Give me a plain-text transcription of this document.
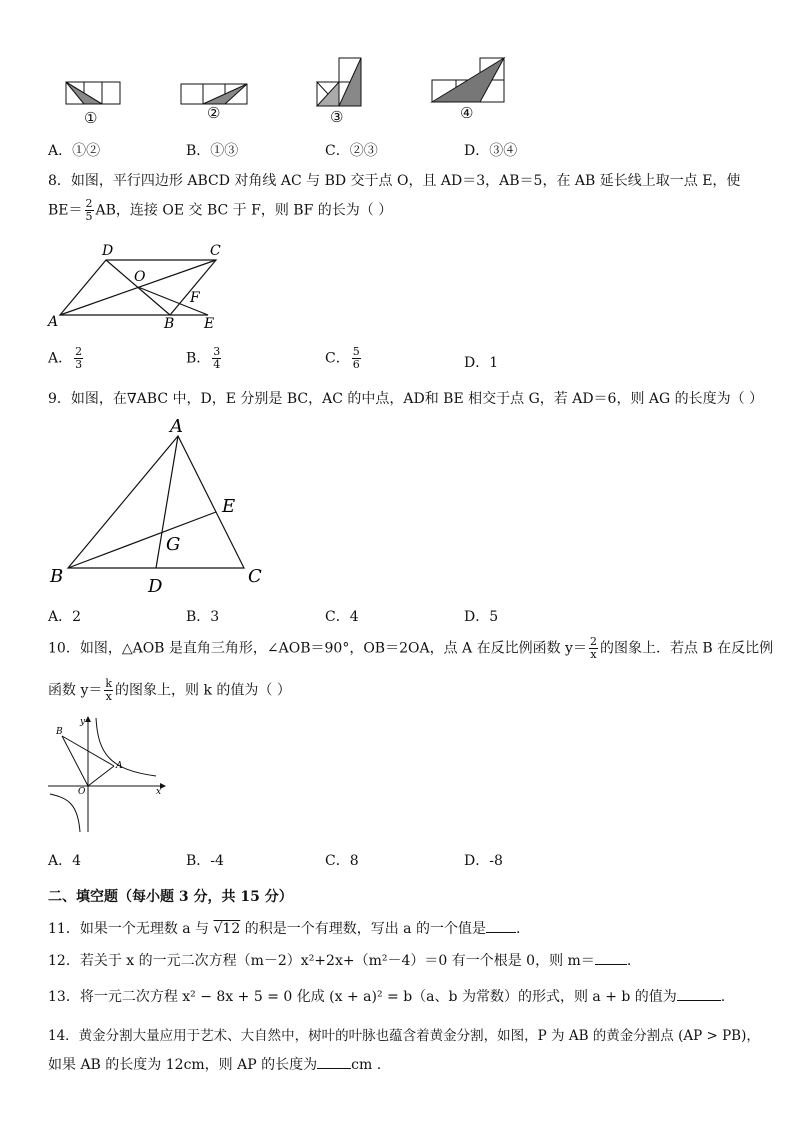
①	②	③	④
A．①②	B．①③	C．②③	D．③④
8．如图，平行四边形 ABCD 对角线 AC 与 BD 交于点 O，且 AD＝3，AB＝5，在 AB 延长线上取一点 E，使
$BE= \frac{2}{5}$ AB，连接 OE 交 BC 于 F，则 BF 的长为（ ）
D	C
O
F
A	B E
A． $\frac{2}{3}$	B． $\frac{3}{4}$	C． $\frac{5}{6}$	D．1
9．如图，在∇ABC 中，D，E 分别是 BC，AC 的中点，AD和 BE 相交于点 G，若 AD＝6，则 AG 的长度为（ ）
A
B	C
D
E
G
A．2	B．3	C．4	D．5
10．如图，△AOB 是直角三角形，∠AOB＝90°，OB＝2OA，点 A 在反比例函数 $y= \frac{2}{x}$ 的图象上．若点 B 在反比例
函数 $y= \frac{k}{x}$ 的图象上，则 k 的值为（ ）
B
A
O	x
y
A．4	B．-4	C．8	D．-8
二、填空题（每小题 3 分，共 15 分）
11．如果一个无理数 a 与 √12 的积是一个有理数，写出 a 的一个值是 .
12．若关于 x 的一元二次方程（m－2）x²+2x+（m²－4）＝0 有一个根是 0，则 m＝ .
13．将一元二次方程 x² − 8x + 5 = 0 化成 (x + a)² = b（a、b 为常数）的形式，则 a + b 的值为	.
14．黄金分割大量应用于艺术、大自然中，树叶的叶脉也蕴含着黄金分割，如图，P 为 AB 的黄金分割点 (AP > PB)，
如果 AB 的长度为 12cm，则 AP 的长度为 cm .
